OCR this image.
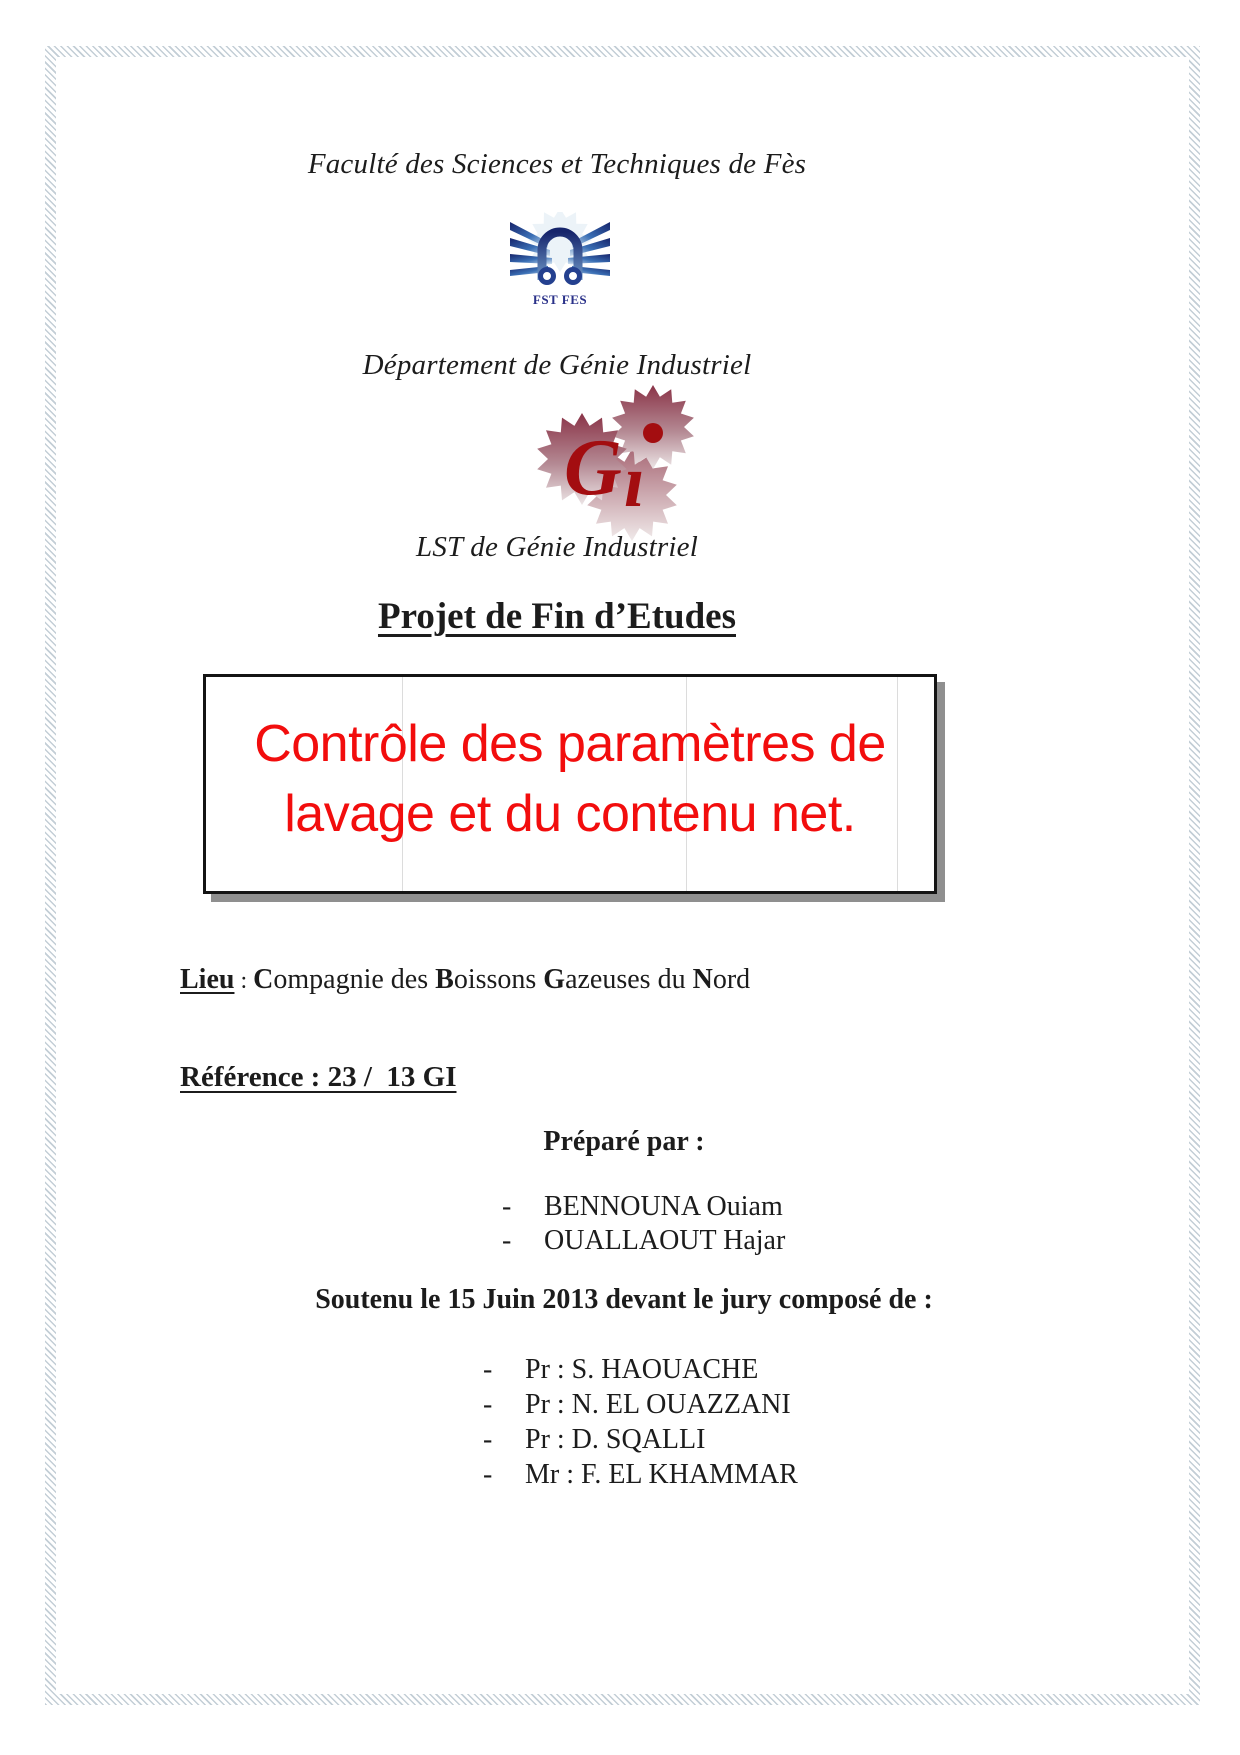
Faculté des Sciences et Techniques de Fès
FST FES
Département de Génie Industriel
G ı
LST de Génie Industriel
Projet de Fin d’Etudes
Contrôle des paramètres de
lavage et du contenu net.
Lieu : Compagnie des Boissons Gazeuses du Nord
Référence : 23 /  13 GI
Préparé par :
- BENNOUNA Ouiam
- OUALLAOUT Hajar
Soutenu le 15 Juin 2013 devant le jury composé de :
- Pr : S. HAOUACHE
- Pr : N. EL OUAZZANI
- Pr : D. SQALLI
- Mr : F. EL KHAMMAR
